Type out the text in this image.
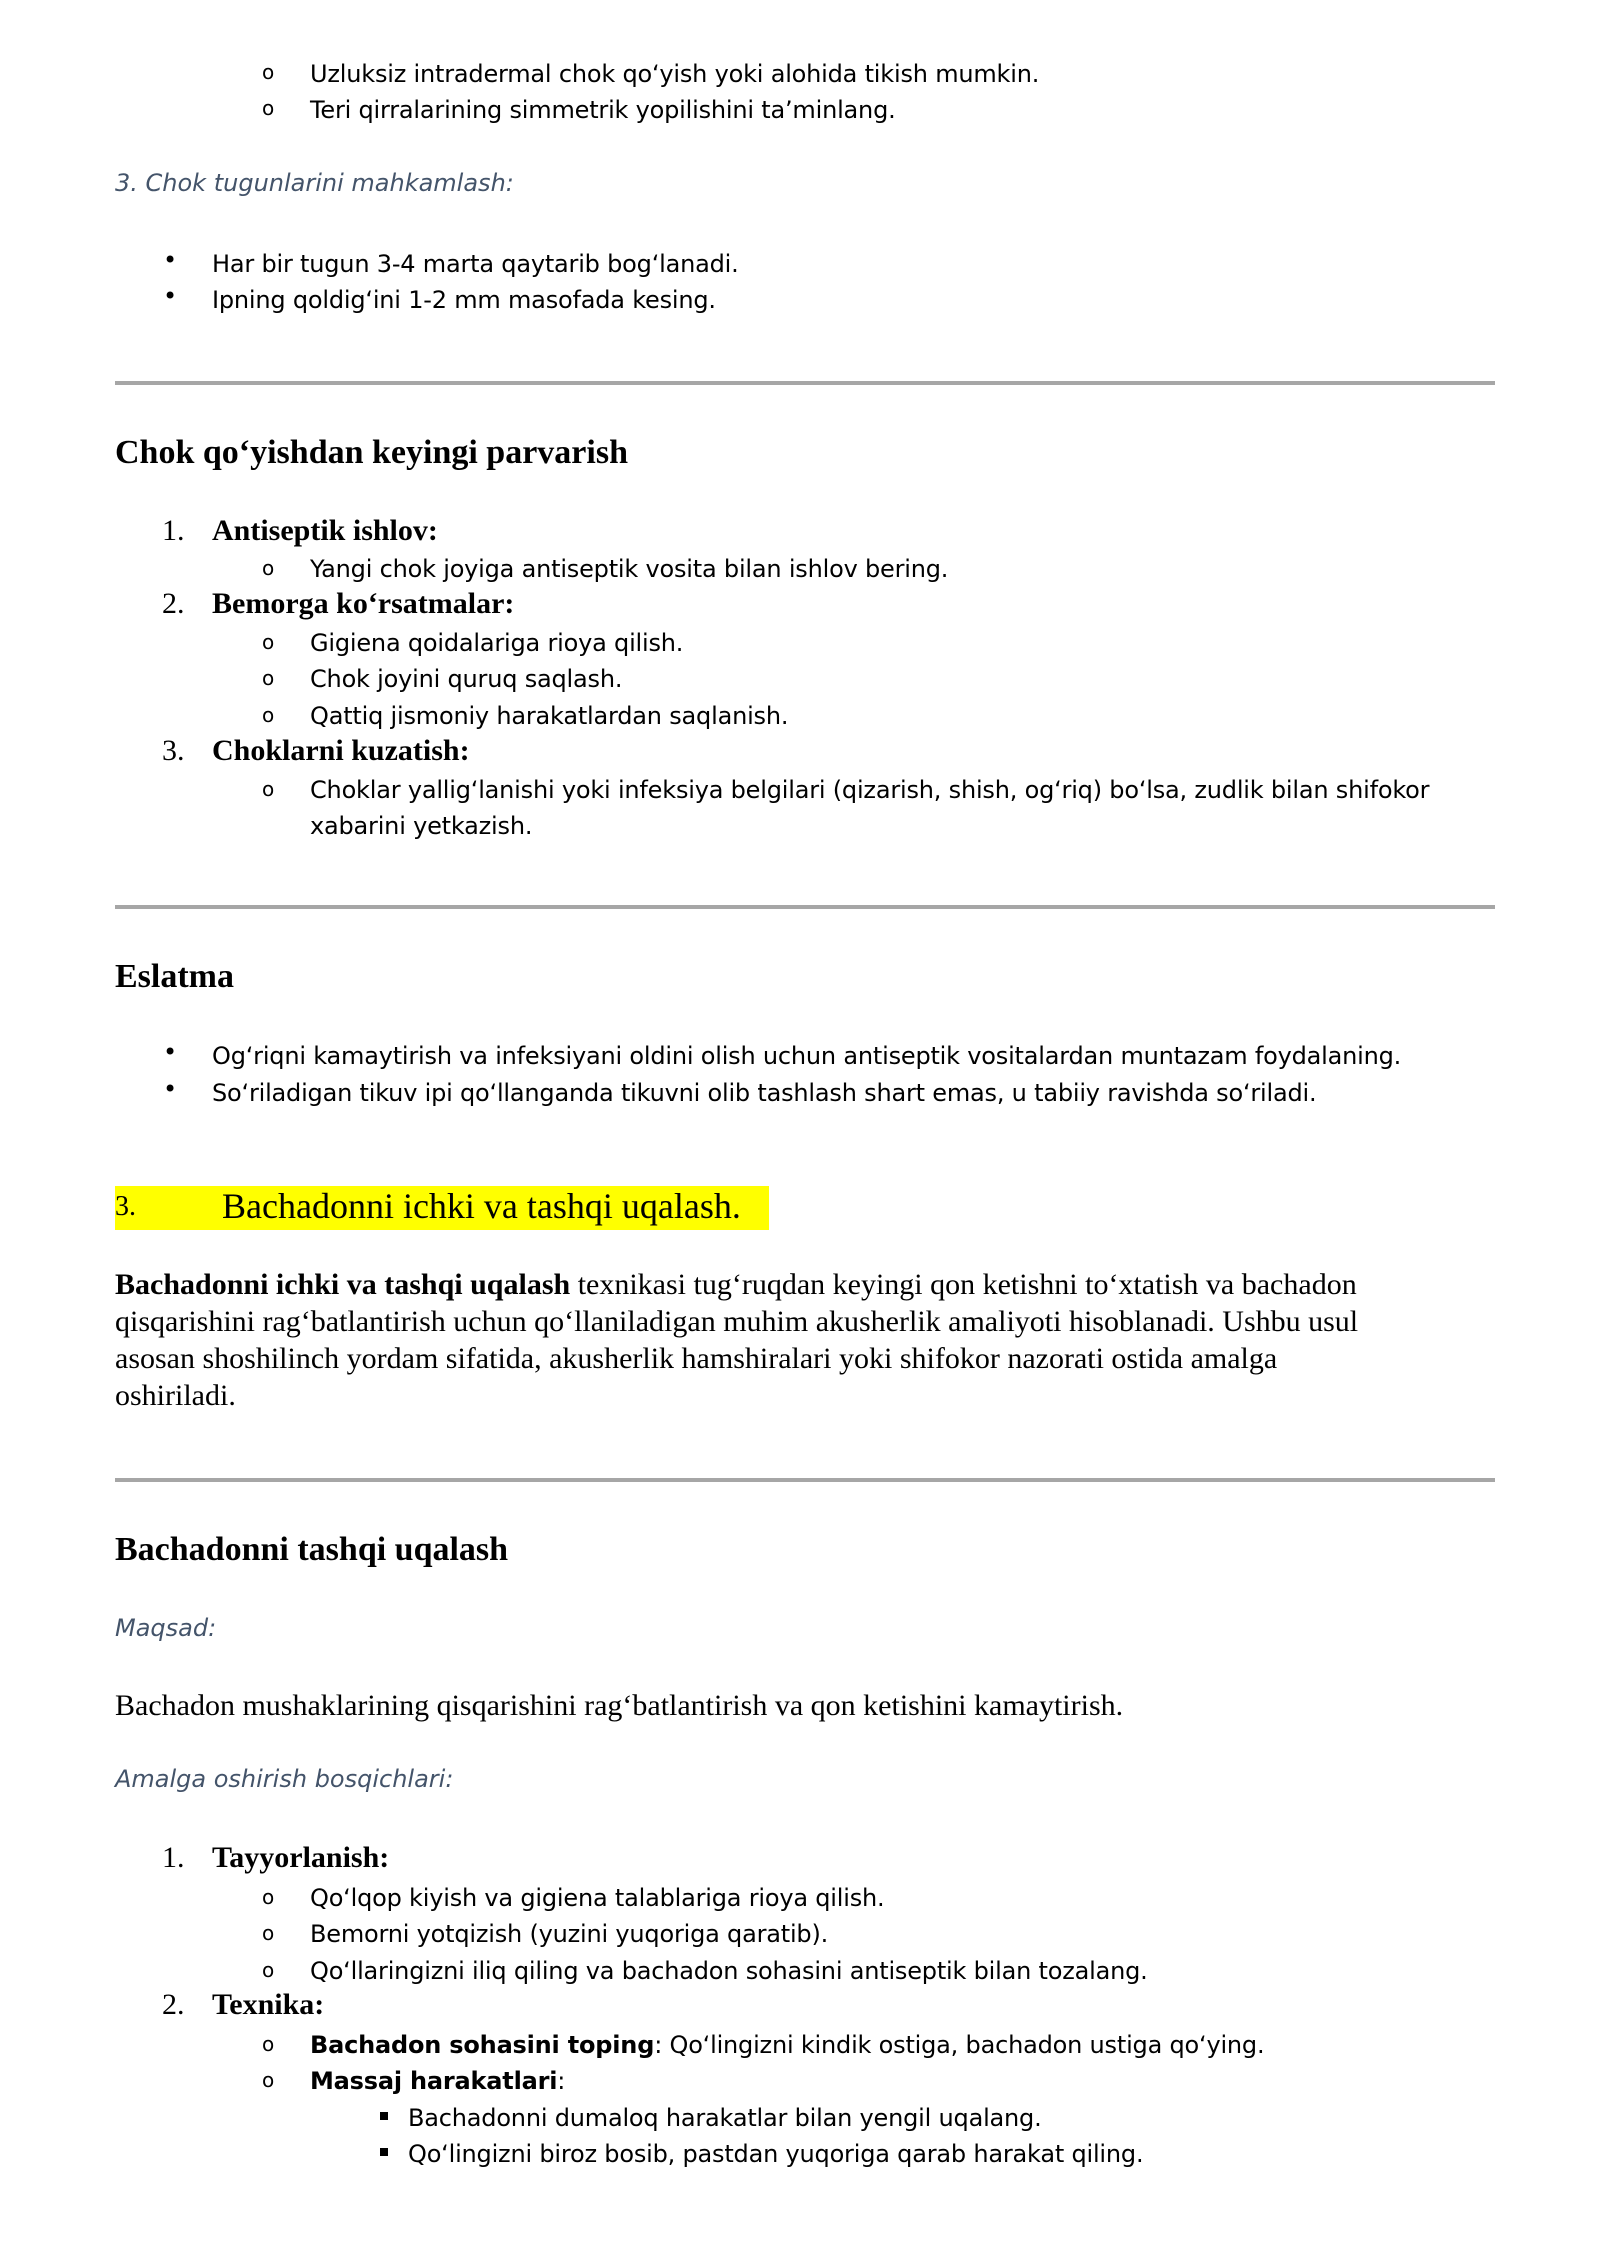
o Uzluksiz intradermal chok qo‘yish yoki alohida tikish mumkin.
o Teri qirralarining simmetrik yopilishini ta’minlang.
3. Chok tugunlarini mahkamlash:
• Har bir tugun 3-4 marta qaytarib bog‘lanadi.
• Ipning qoldig‘ini 1-2 mm masofada kesing.
Chok qo‘yishdan keyingi parvarish
1. Antiseptik ishlov:
o Yangi chok joyiga antiseptik vosita bilan ishlov bering.
2. Bemorga ko‘rsatmalar:
o Gigiena qoidalariga rioya qilish.
o Chok joyini quruq saqlash.
o Qattiq jismoniy harakatlardan saqlanish.
3. Choklarni kuzatish:
o Choklar yallig‘lanishi yoki infeksiya belgilari (qizarish, shish, og‘riq) bo‘lsa, zudlik bilan shifokor
xabarini yetkazish.
Eslatma
• Og‘riqni kamaytirish va infeksiyani oldini olish uchun antiseptik vositalardan muntazam foydalaning.
• So‘riladigan tikuv ipi qo‘llanganda tikuvni olib tashlash shart emas, u tabiiy ravishda so‘riladi.
3. Bachadonni ichki va tashqi uqalash.
Bachadonni ichki va tashqi uqalash texnikasi tug‘ruqdan keyingi qon ketishni to‘xtatish va bachadon
qisqarishini rag‘batlantirish uchun qo‘llaniladigan muhim akusherlik amaliyoti hisoblanadi. Ushbu usul
asosan shoshilinch yordam sifatida, akusherlik hamshiralari yoki shifokor nazorati ostida amalga
oshiriladi.
Bachadonni tashqi uqalash
Maqsad:
Bachadon mushaklarining qisqarishini rag‘batlantirish va qon ketishini kamaytirish.
Amalga oshirish bosqichlari:
1. Tayyorlanish:
o Qo‘lqop kiyish va gigiena talablariga rioya qilish.
o Bemorni yotqizish (yuzini yuqoriga qaratib).
o Qo‘llaringizni iliq qiling va bachadon sohasini antiseptik bilan tozalang.
2. Texnika:
o Bachadon sohasini toping: Qo‘lingizni kindik ostiga, bachadon ustiga qo‘ying.
o Massaj harakatlari:
Bachadonni dumaloq harakatlar bilan yengil uqalang.
Qo‘lingizni biroz bosib, pastdan yuqoriga qarab harakat qiling.
